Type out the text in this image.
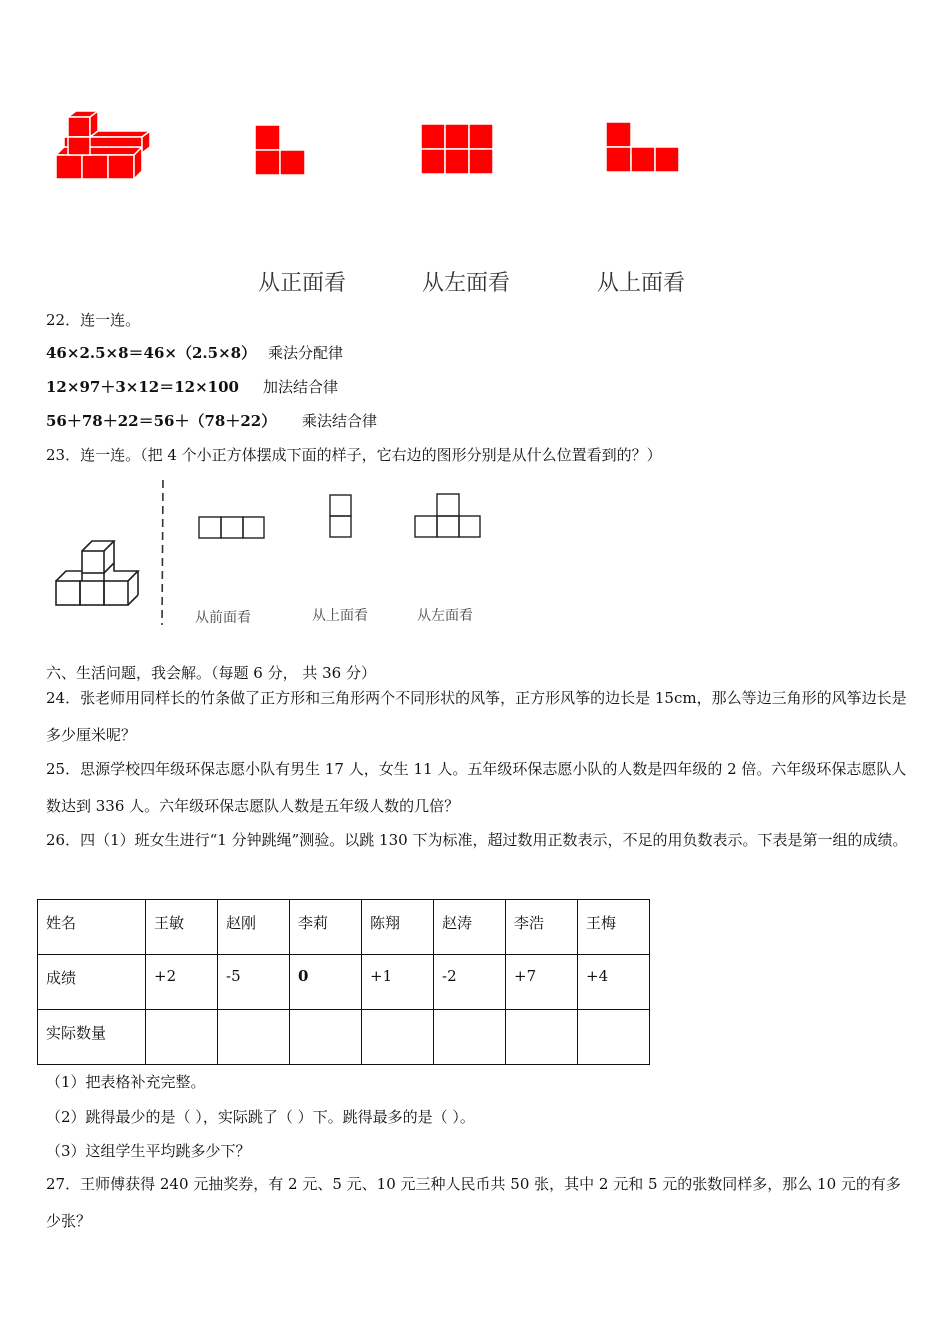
从正面看	从左面看	从上面看
22．连一连。
46×2.5×8＝46×（2.5×8） 乘法分配律
12×97＋3×12＝12×100 加法结合律
56＋78＋22＝56＋（78＋22） 乘法结合律
23．连一连。（把 4 个小正方体摆成下面的样子，它右边的图形分别是从什么位置看到的？）
从前面看	从上面看	从左面看
六、生活问题，我会解。（每题 6 分， 共 36 分）
24．张老师用同样长的竹条做了正方形和三角形两个不同形状的风筝，正方形风筝的边长是 15cm，那么等边三角形的风筝边长是多少厘米呢？
25．思源学校四年级环保志愿小队有男生 17 人，女生 11 人。五年级环保志愿小队的人数是四年级的 2 倍。六年级环保志愿队人数达到 336 人。六年级环保志愿队人数是五年级人数的几倍？
26．四（1）班女生进行“1 分钟跳绳”测验。以跳 130 下为标准，超过数用正数表示，不足的用负数表示。下表是第一组的成绩。
姓名	王敏	赵刚	李莉	陈翔	赵涛	李浩	王梅
成绩	+2	-5	0	+1	-2	+7	+4
实际数量							
（1）把表格补充完整。
（2）跳得最少的是（ ），实际跳了（ ）下。跳得最多的是（ ）。
（3）这组学生平均跳多少下？
27．王师傅获得 240 元抽奖券，有 2 元、5 元、10 元三种人民币共 50 张，其中 2 元和 5 元的张数同样多，那么 10 元的有多少张？
